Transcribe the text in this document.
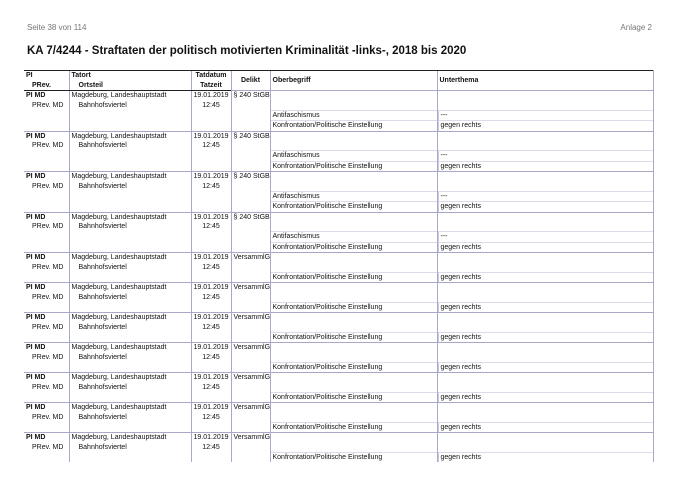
Seite 38 von 114	Anlage 2
KA 7/4244 - Straftaten der politisch motivierten Kriminalität -links-, 2018 bis 2020
PI	Tatort	Tatdatum	Delikt	Oberbegriff	Unterthema
PRev.	Ortsteil	Tatzeit			
PI MD	Magdeburg, Landeshauptstadt	19.01.2019	§ 240 StGB		
PRev. MD	Bahnhofsviertel	12:45			
				Antifaschismus	---

				Konfrontation/Politische Einstellung	gegen rechts

PI MD	Magdeburg, Landeshauptstadt	19.01.2019	§ 240 StGB		
PRev. MD	Bahnhofsviertel	12:45			
				Antifaschismus	---

				Konfrontation/Politische Einstellung	gegen rechts

PI MD	Magdeburg, Landeshauptstadt	19.01.2019	§ 240 StGB		
PRev. MD	Bahnhofsviertel	12:45			
				Antifaschismus	---

				Konfrontation/Politische Einstellung	gegen rechts

PI MD	Magdeburg, Landeshauptstadt	19.01.2019	§ 240 StGB		
PRev. MD	Bahnhofsviertel	12:45			
				Antifaschismus	---

				Konfrontation/Politische Einstellung	gegen rechts

PI MD	Magdeburg, Landeshauptstadt	19.01.2019	VersammlG		
PRev. MD	Bahnhofsviertel	12:45			
				Konfrontation/Politische Einstellung	gegen rechts

PI MD	Magdeburg, Landeshauptstadt	19.01.2019	VersammlG		
PRev. MD	Bahnhofsviertel	12:45			
				Konfrontation/Politische Einstellung	gegen rechts

PI MD	Magdeburg, Landeshauptstadt	19.01.2019	VersammlG		
PRev. MD	Bahnhofsviertel	12:45			
				Konfrontation/Politische Einstellung	gegen rechts

PI MD	Magdeburg, Landeshauptstadt	19.01.2019	VersammlG		
PRev. MD	Bahnhofsviertel	12:45			
				Konfrontation/Politische Einstellung	gegen rechts

PI MD	Magdeburg, Landeshauptstadt	19.01.2019	VersammlG		
PRev. MD	Bahnhofsviertel	12:45			
				Konfrontation/Politische Einstellung	gegen rechts

PI MD	Magdeburg, Landeshauptstadt	19.01.2019	VersammlG		
PRev. MD	Bahnhofsviertel	12:45			
				Konfrontation/Politische Einstellung	gegen rechts

PI MD	Magdeburg, Landeshauptstadt	19.01.2019	VersammlG		
PRev. MD	Bahnhofsviertel	12:45			
				Konfrontation/Politische Einstellung	gegen rechts
